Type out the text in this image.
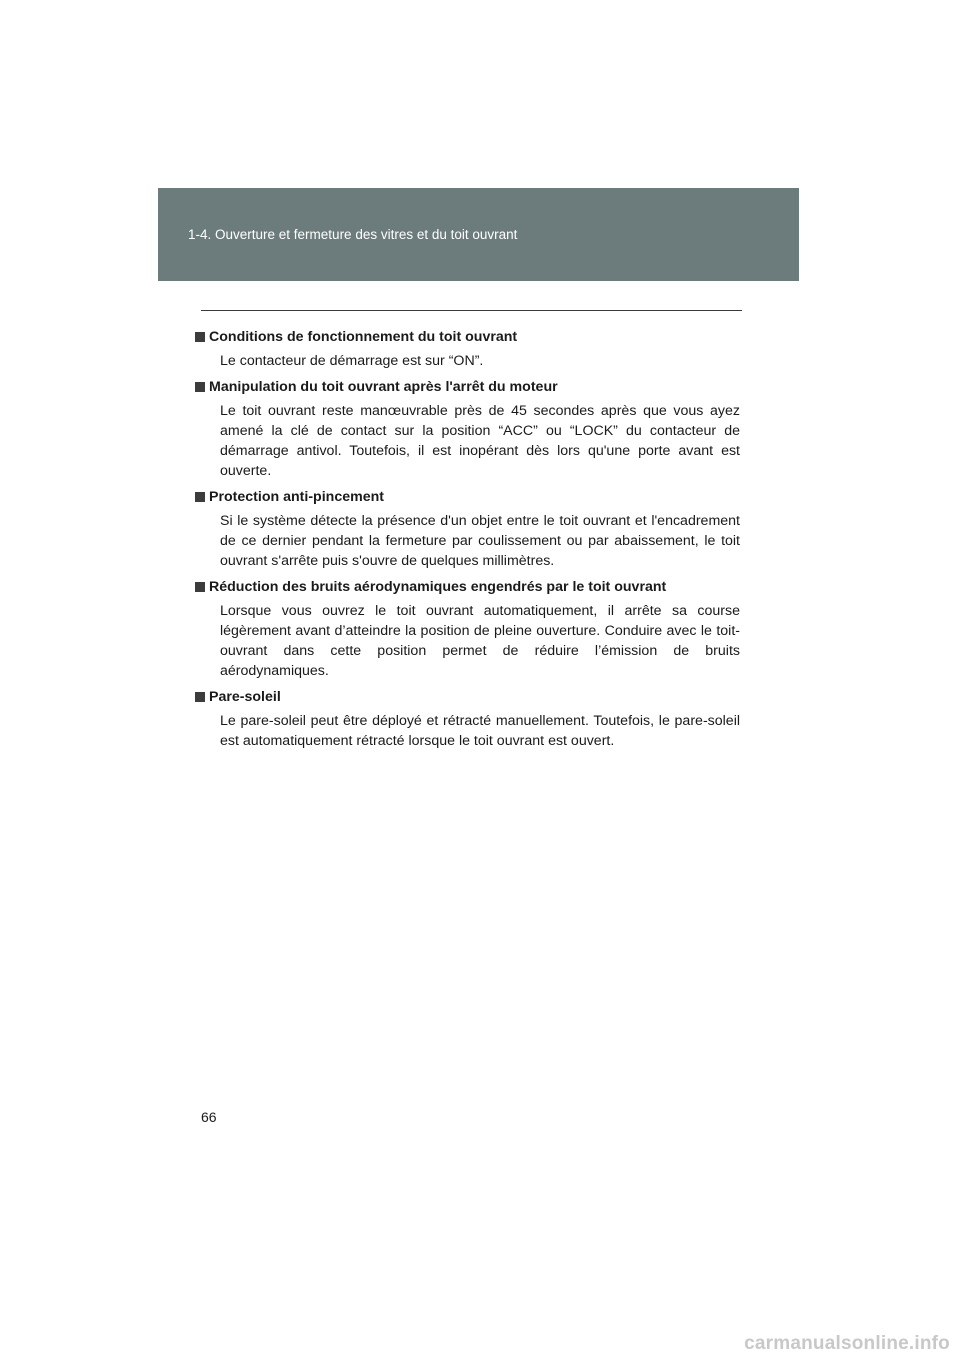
1-4. Ouverture et fermeture des vitres et du toit ouvrant
Conditions de fonctionnement du toit ouvrant

Le contacteur de démarrage est sur “ON”.

Manipulation du toit ouvrant après l'arrêt du moteur

Le toit ouvrant reste manœuvrable près de 45 secondes après que vous ayez amené la clé de contact sur la position “ACC” ou “LOCK” du contacteur de démarrage antivol. Toutefois, il est inopérant dès lors qu'une porte avant est ouverte.

Protection anti-pincement

Si le système détecte la présence d'un objet entre le toit ouvrant et l'encadrement de ce dernier pendant la fermeture par coulissement ou par abaissement, le toit ouvrant s'arrête puis s'ouvre de quelques millimètres.

Réduction des bruits aérodynamiques engendrés par le toit ouvrant

Lorsque vous ouvrez le toit ouvrant automatiquement, il arrête sa course légèrement avant d’atteindre la position de pleine ouverture. Conduire avec le toit-ouvrant dans cette position permet de réduire l’émission de bruits aérodynamiques.

Pare-soleil

Le pare-soleil peut être déployé et rétracté manuellement. Toutefois, le pare-soleil est automatiquement rétracté lorsque le toit ouvrant est ouvert.

66
carmanualsonline.info
